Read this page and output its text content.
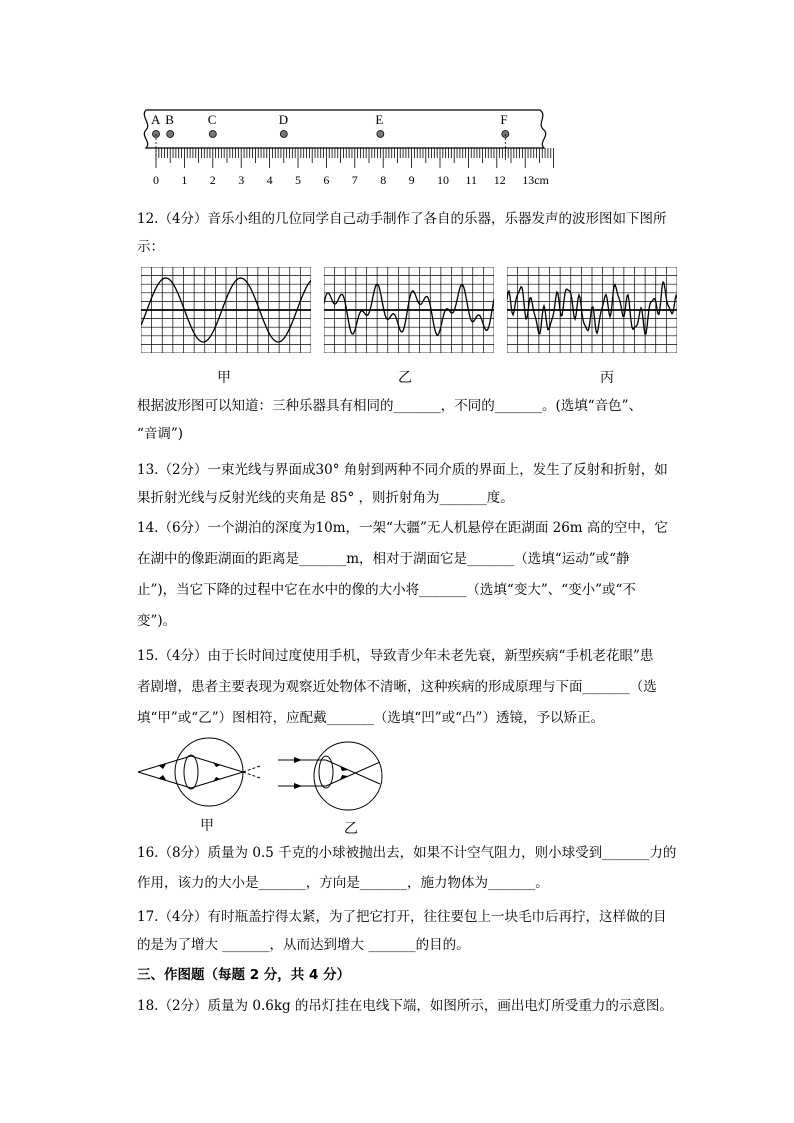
A B	C	D	E	F
0 1 2 3 4 5 6 7 8 9 10 11 12 13cm
12.（4分）音乐小组的几位同学自己动手制作了各自的乐器，乐器发声的波形图如下图所
示：
甲	乙	丙
根据波形图可以知道：三种乐器具有相同的_______，不同的_______。(选填“音色”、
“音调”)
13.（2分）一束光线与界面成30° 角射到两种不同介质的界面上，发生了反射和折射，如
果折射光线与反射光线的夹角是 85° ，则折射角为_______度。
14.（6分）一个湖泊的深度为10m，一架“大疆”无人机悬停在距湖面 26m 高的空中，它
在湖中的像距湖面的距离是_______m，相对于湖面它是_______（选填“运动”或“静
止”)，当它下降的过程中它在水中的像的大小将_______（选填“变大”、“变小”或“不
变”)。
15.（4分）由于长时间过度使用手机，导致青少年未老先衰，新型疾病“手机老花眼”患
者剧增，患者主要表现为观察近处物体不清晰，这种疾病的形成原理与下面_______（选
填“甲”或“乙”）图相符，应配戴_______（选填“凹”或“凸”）透镜，予以矫正。
甲	乙
16.（8分）质量为 0.5 千克的小球被抛出去，如果不计空气阻力，则小球受到_______力的
作用，该力的大小是_______，方向是_______，施力物体为_______。
17.（4分）有时瓶盖拧得太紧，为了把它打开，往往要包上一块毛巾后再拧，这样做的目
的是为了增大 _______，从而达到增大 _______的目的。
三、作图题（每题 2 分，共 4 分）
18.（2分）质量为 0.6kg 的吊灯挂在电线下端，如图所示，画出电灯所受重力的示意图。
